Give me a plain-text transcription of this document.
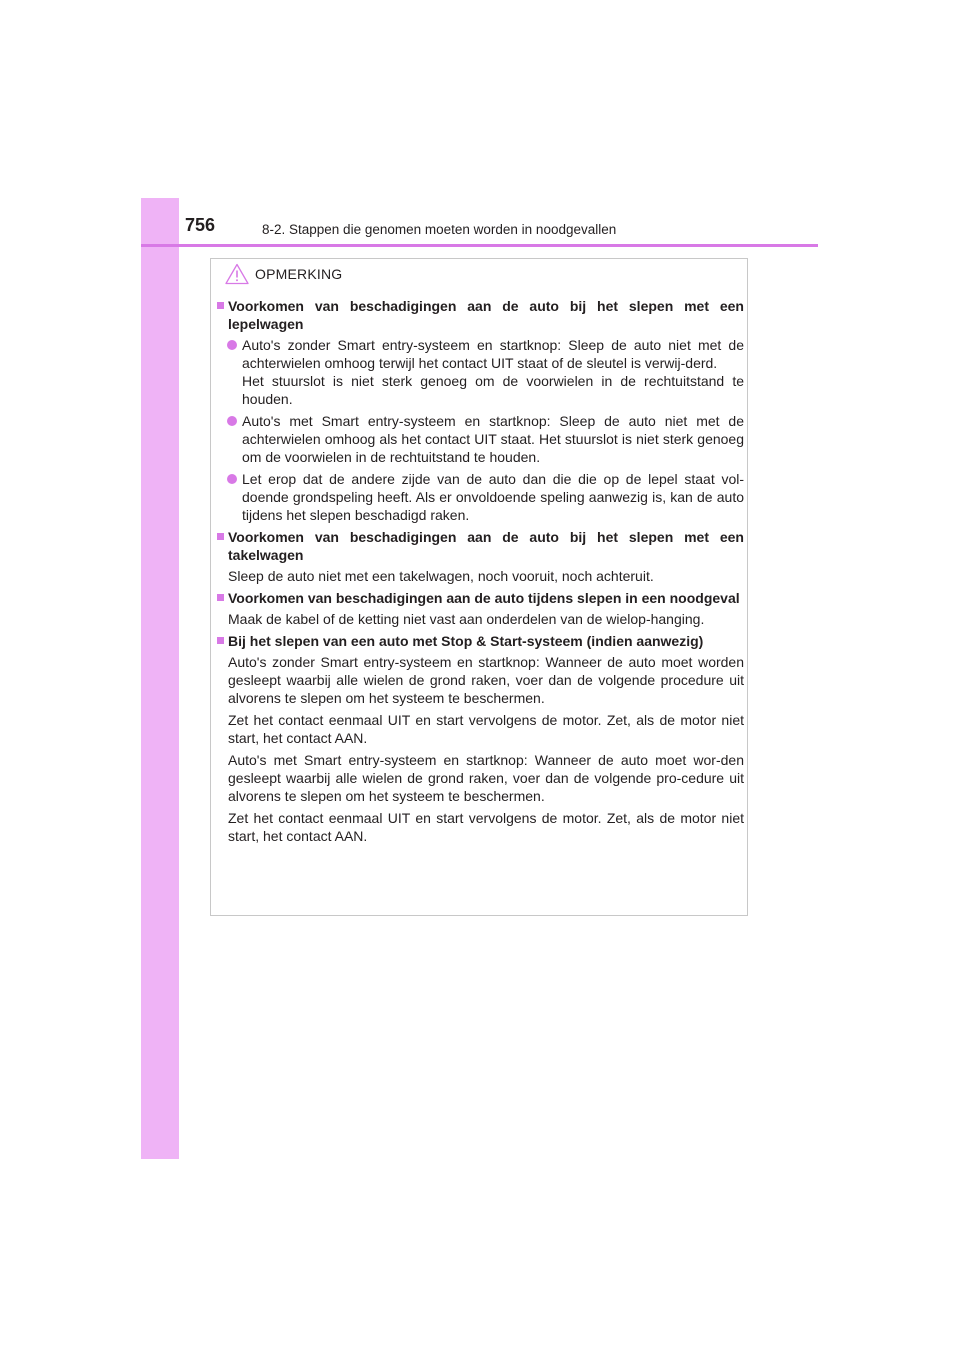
756	8-2. Stappen die genomen moeten worden in noodgevallen
OPMERKING
Voorkomen van beschadigingen aan de auto bij het slepen met een lepelwagen
Auto's zonder Smart entry-systeem en startknop: Sleep de auto niet met de achterwielen omhoog terwijl het contact UIT staat of de sleutel is verwij-derd.
Het stuurslot is niet sterk genoeg om de voorwielen in de rechtuitstand te houden.
Auto's met Smart entry-systeem en startknop: Sleep de auto niet met de achterwielen omhoog als het contact UIT staat. Het stuurslot is niet sterk genoeg om de voorwielen in de rechtuitstand te houden.
Let erop dat de andere zijde van de auto dan die die op de lepel staat vol-doende grondspeling heeft. Als er onvoldoende speling aanwezig is, kan de auto tijdens het slepen beschadigd raken.
Voorkomen van beschadigingen aan de auto bij het slepen met een takelwagen
Sleep de auto niet met een takelwagen, noch vooruit, noch achteruit.
Voorkomen van beschadigingen aan de auto tijdens slepen in een noodgeval
Maak de kabel of de ketting niet vast aan onderdelen van de wielop-hanging.
Bij het slepen van een auto met Stop & Start-systeem (indien aanwezig)
Auto's zonder Smart entry-systeem en startknop: Wanneer de auto moet worden gesleept waarbij alle wielen de grond raken, voer dan de volgende procedure uit alvorens te slepen om het systeem te beschermen.
Zet het contact eenmaal UIT en start vervolgens de motor. Zet, als de motor niet start, het contact AAN.
Auto's met Smart entry-systeem en startknop: Wanneer de auto moet wor-den gesleept waarbij alle wielen de grond raken, voer dan de volgende pro-cedure uit alvorens te slepen om het systeem te beschermen.
Zet het contact eenmaal UIT en start vervolgens de motor. Zet, als de motor niet start, het contact AAN.
